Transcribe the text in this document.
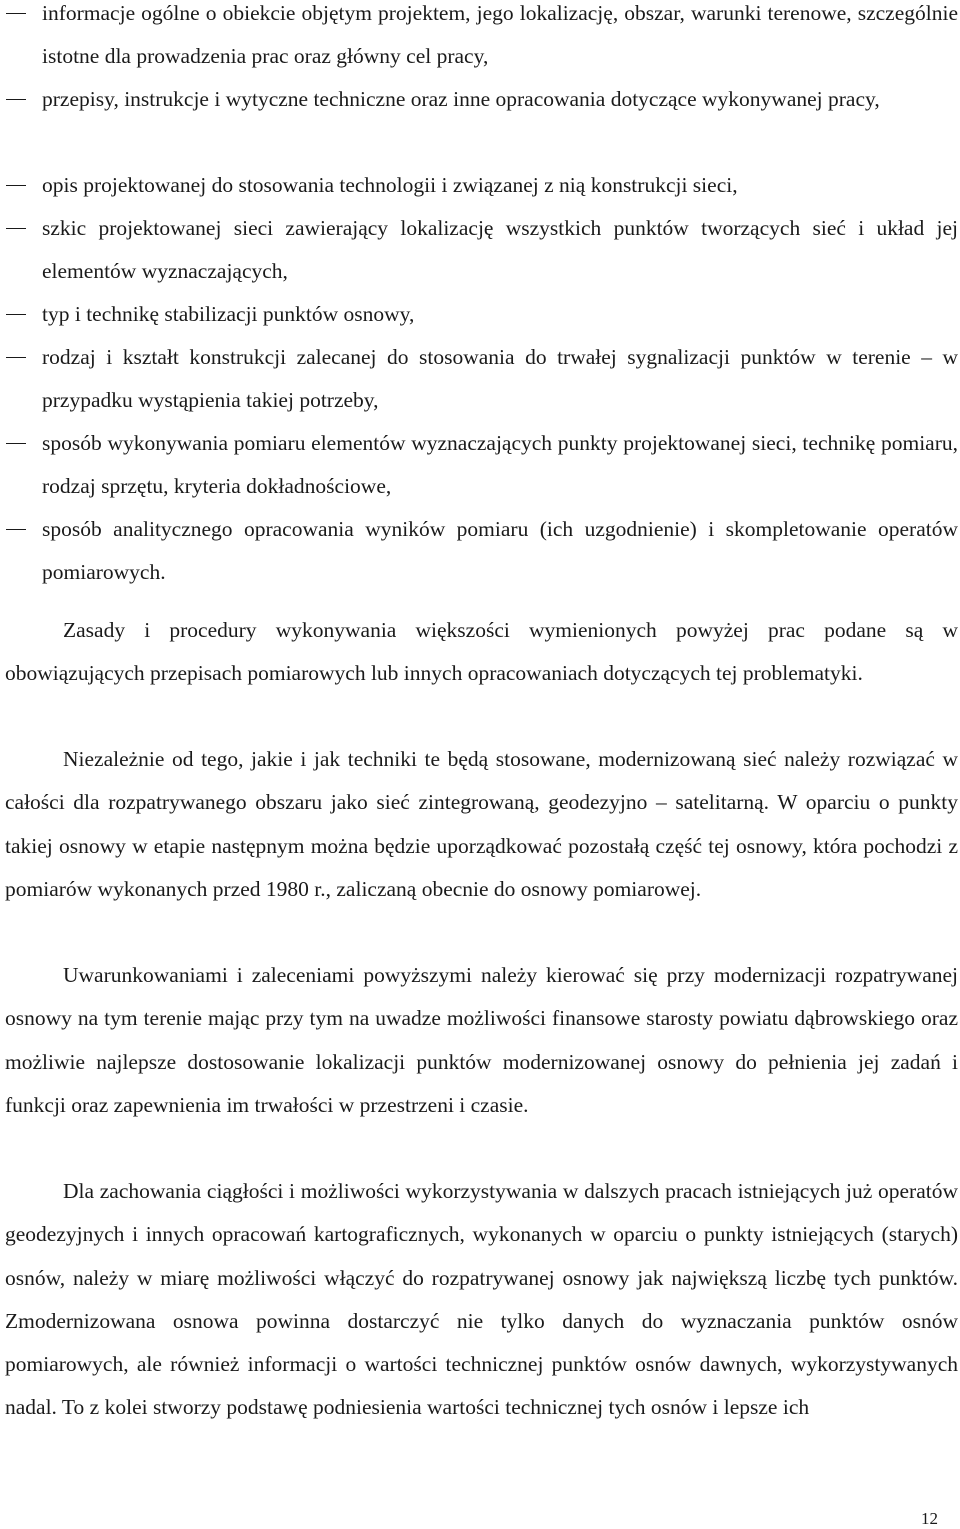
informacje ogólne o obiekcie objętym projektem, jego lokalizację, obszar, warunki terenowe, szczególnie istotne dla prowadzenia prac oraz główny cel pracy,
przepisy, instrukcje i wytyczne techniczne oraz inne opracowania dotyczące wykonywanej pracy,
opis projektowanej do stosowania technologii i związanej z nią konstrukcji sieci,
szkic projektowanej sieci zawierający lokalizację wszystkich punktów tworzących sieć i układ jej elementów wyznaczających,
typ i technikę stabilizacji punktów osnowy,
rodzaj i kształt konstrukcji zalecanej do stosowania do trwałej sygnalizacji punktów w terenie – w przypadku wystąpienia takiej potrzeby,
sposób wykonywania pomiaru elementów wyznaczających punkty projektowanej sieci, technikę pomiaru, rodzaj sprzętu, kryteria dokładnościowe,
sposób analitycznego opracowania wyników pomiaru (ich uzgodnienie) i skompletowanie operatów pomiarowych.

Zasady i procedury wykonywania większości wymienionych powyżej prac podane są w obowiązujących przepisach pomiarowych lub innych opracowaniach dotyczących tej problematyki.

Niezależnie od tego, jakie i jak techniki te będą stosowane, modernizowaną sieć należy rozwiązać w całości dla rozpatrywanego obszaru jako sieć zintegrowaną, geodezyjno – satelitarną. W oparciu o punkty takiej osnowy w etapie następnym można będzie uporządkować pozostałą część tej osnowy, która pochodzi z pomiarów wykonanych przed 1980 r., zaliczaną obecnie do osnowy pomiarowej.

Uwarunkowaniami i zaleceniami powyższymi należy kierować się przy modernizacji rozpatrywanej osnowy na tym terenie mając przy tym na uwadze możliwości finansowe starosty powiatu dąbrowskiego oraz możliwie najlepsze dostosowanie lokalizacji punktów modernizowanej osnowy do pełnienia jej zadań i funkcji oraz zapewnienia im trwałości w przestrzeni i czasie.

Dla zachowania ciągłości i możliwości wykorzystywania w dalszych pracach istniejących już operatów geodezyjnych i innych opracowań kartograficznych, wykonanych w oparciu o punkty istniejących (starych) osnów, należy w miarę możliwości włączyć do rozpatrywanej osnowy jak największą liczbę tych punktów. Zmodernizowana osnowa powinna dostarczyć nie tylko danych do wyznaczania punktów osnów pomiarowych, ale również informacji o wartości technicznej punktów osnów dawnych, wykorzystywanych nadal. To z kolei stworzy podstawę podniesienia wartości technicznej tych osnów i lepsze ich

12
